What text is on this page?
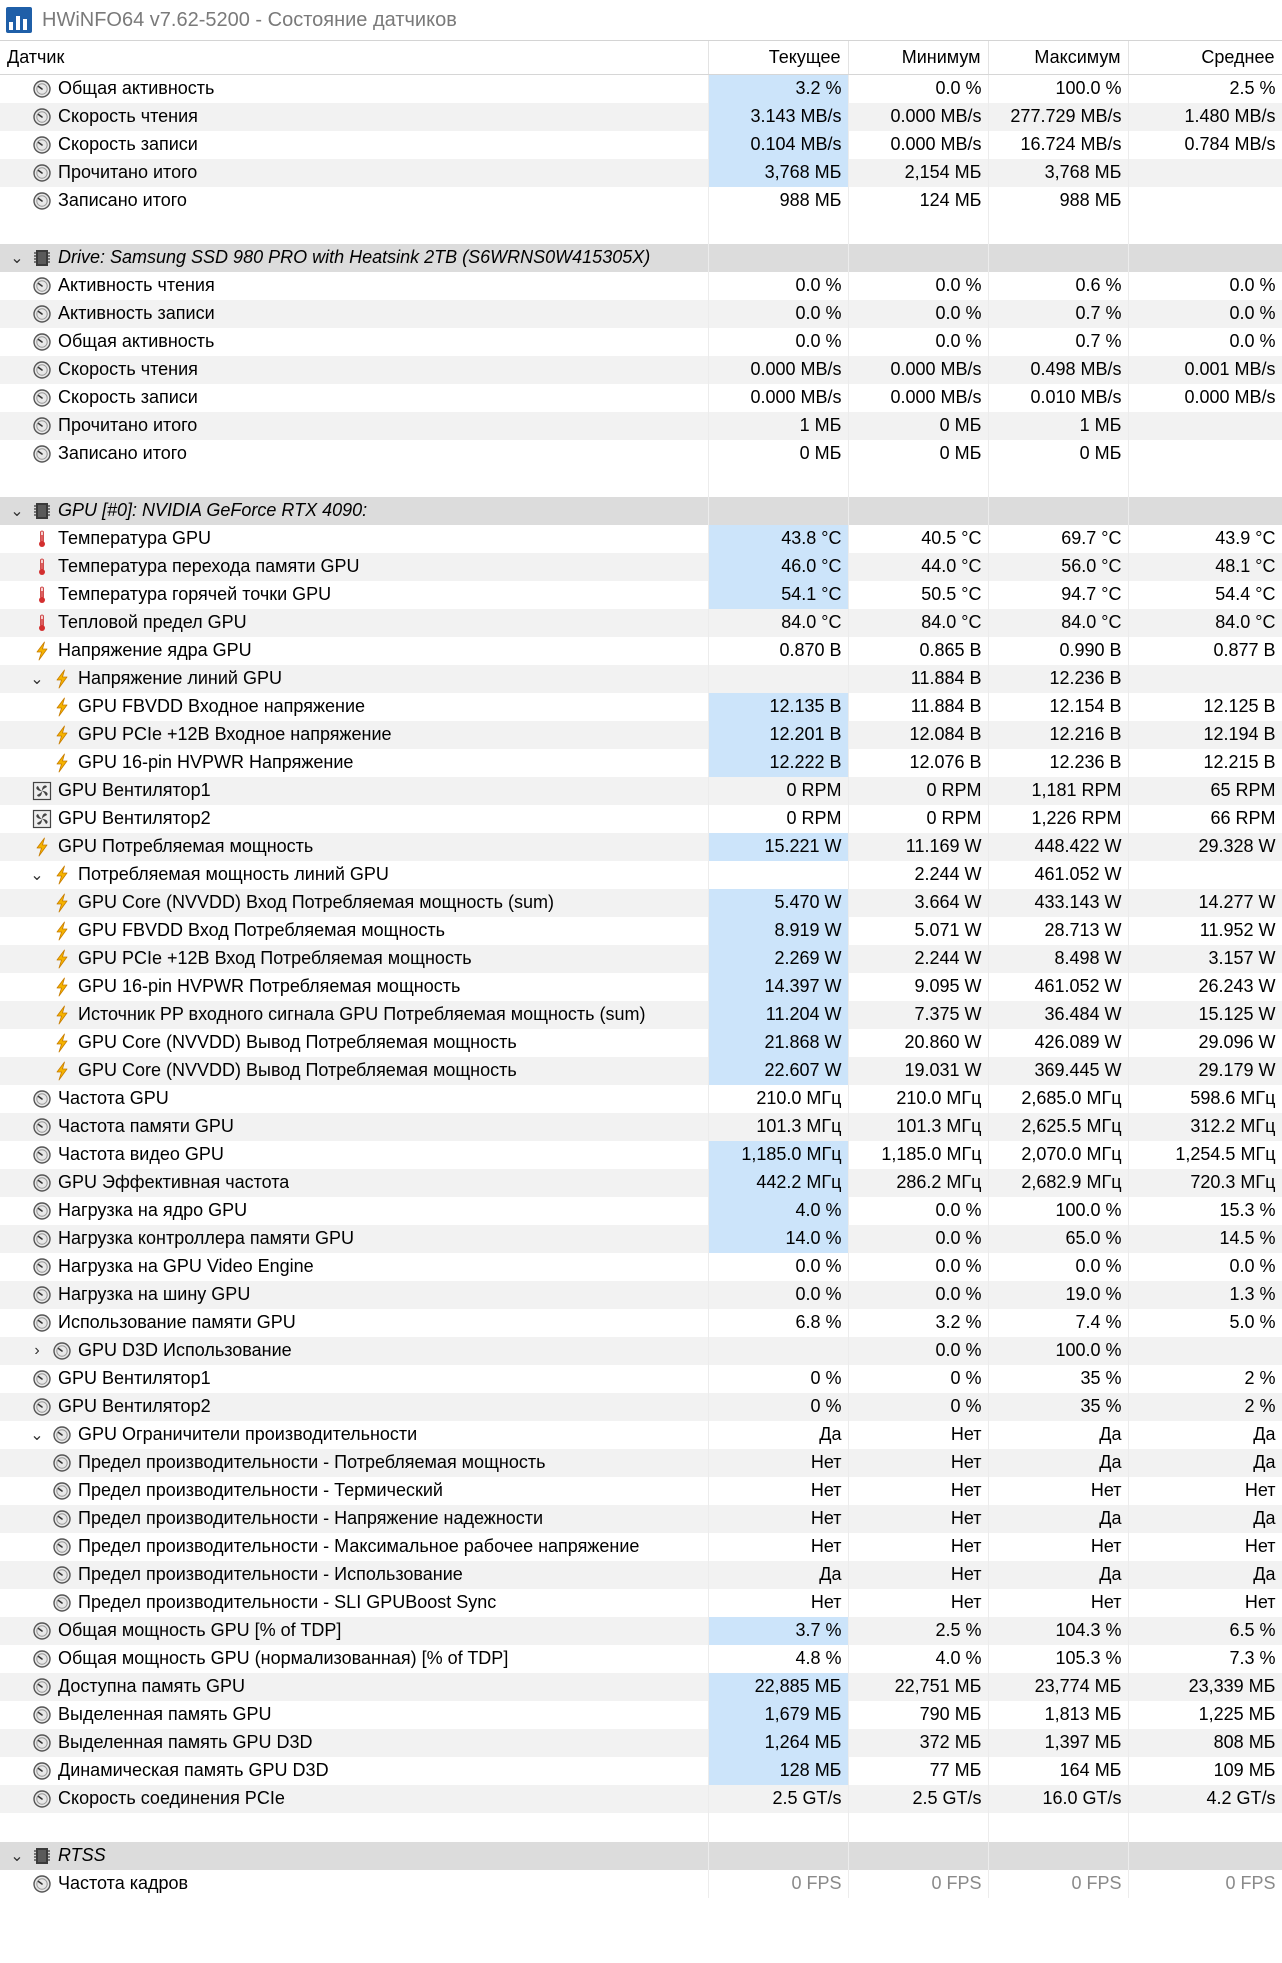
HWiNFO64 v7.62-5200 - Состояние датчиков
Датчик	Текущее	Минимум	Максимум	Среднее

Общая активность	3.2 %	0.0 %	100.0 %	2.5 %

Скорость чтения	3.143 MB/s	0.000 MB/s	277.729 MB/s	1.480 MB/s

Скорость записи	0.104 MB/s	0.000 MB/s	16.724 MB/s	0.784 MB/s

Прочитано итого	3,768 МБ	2,154 МБ	3,768 МБ	

Записано итого	988 МБ	124 МБ	988 МБ	

⌄ Drive: Samsung SSD 980 PRO with Heatsink 2TB (S6WRNS0W415305X)				

Активность чтения	0.0 %	0.0 %	0.6 %	0.0 %

Активность записи	0.0 %	0.0 %	0.7 %	0.0 %

Общая активность	0.0 %	0.0 %	0.7 %	0.0 %

Скорость чтения	0.000 MB/s	0.000 MB/s	0.498 MB/s	0.001 MB/s

Скорость записи	0.000 MB/s	0.000 MB/s	0.010 MB/s	0.000 MB/s

Прочитано итого	1 МБ	0 МБ	1 МБ	

Записано итого	0 МБ	0 МБ	0 МБ	

⌄ GPU [#0]: NVIDIA GeForce RTX 4090:				

Температура GPU	43.8 °C	40.5 °C	69.7 °C	43.9 °C

Температура перехода памяти GPU	46.0 °C	44.0 °C	56.0 °C	48.1 °C

Температура горячей точки GPU	54.1 °C	50.5 °C	94.7 °C	54.4 °C

Тепловой предел GPU	84.0 °C	84.0 °C	84.0 °C	84.0 °C

Напряжение ядра GPU	0.870 В	0.865 В	0.990 В	0.877 В

⌄ Напряжение линий GPU		11.884 В	12.236 В	

GPU FBVDD Входное напряжение	12.135 В	11.884 В	12.154 В	12.125 В

GPU PCIe +12В Входное напряжение	12.201 В	12.084 В	12.216 В	12.194 В

GPU 16-pin HVPWR Напряжение	12.222 В	12.076 В	12.236 В	12.215 В

GPU Вентилятор1	0 RPM	0 RPM	1,181 RPM	65 RPM

GPU Вентилятор2	0 RPM	0 RPM	1,226 RPM	66 RPM

GPU Потребляемая мощность	15.221 W	11.169 W	448.422 W	29.328 W

⌄ Потребляемая мощность линий GPU		2.244 W	461.052 W	

GPU Core (NVVDD) Вход Потребляемая мощность (sum)	5.470 W	3.664 W	433.143 W	14.277 W

GPU FBVDD Вход Потребляемая мощность	8.919 W	5.071 W	28.713 W	11.952 W

GPU PCIe +12В Вход Потребляемая мощность	2.269 W	2.244 W	8.498 W	3.157 W

GPU 16-pin HVPWR Потребляемая мощность	14.397 W	9.095 W	461.052 W	26.243 W

Источник PP входного сигнала GPU Потребляемая мощность (sum)	11.204 W	7.375 W	36.484 W	15.125 W

GPU Core (NVVDD) Вывод Потребляемая мощность	21.868 W	20.860 W	426.089 W	29.096 W

GPU Core (NVVDD) Вывод Потребляемая мощность	22.607 W	19.031 W	369.445 W	29.179 W

Частота GPU	210.0 МГц	210.0 МГц	2,685.0 МГц	598.6 МГц

Частота памяти GPU	101.3 МГц	101.3 МГц	2,625.5 МГц	312.2 МГц

Частота видео GPU	1,185.0 МГц	1,185.0 МГц	2,070.0 МГц	1,254.5 МГц

GPU Эффективная частота	442.2 МГц	286.2 МГц	2,682.9 МГц	720.3 МГц

Нагрузка на ядро GPU	4.0 %	0.0 %	100.0 %	15.3 %

Нагрузка контроллера памяти GPU	14.0 %	0.0 %	65.0 %	14.5 %

Нагрузка на GPU Video Engine	0.0 %	0.0 %	0.0 %	0.0 %

Нагрузка на шину GPU	0.0 %	0.0 %	19.0 %	1.3 %

Использование памяти GPU	6.8 %	3.2 %	7.4 %	5.0 %

› GPU D3D Использование		0.0 %	100.0 %	

GPU Вентилятор1	0 %	0 %	35 %	2 %

GPU Вентилятор2	0 %	0 %	35 %	2 %

⌄ GPU Ограничители производительности	Да	Нет	Да	Да

Предел производительности - Потребляемая мощность	Нет	Нет	Да	Да

Предел производительности - Термический	Нет	Нет	Нет	Нет

Предел производительности - Напряжение надежности	Нет	Нет	Да	Да

Предел производительности - Максимальное рабочее напряжение	Нет	Нет	Нет	Нет

Предел производительности - Использование	Да	Нет	Да	Да

Предел производительности - SLI GPUBoost Sync	Нет	Нет	Нет	Нет

Общая мощность GPU [% of TDP]	3.7 %	2.5 %	104.3 %	6.5 %

Общая мощность GPU (нормализованная) [% of TDP]	4.8 %	4.0 %	105.3 %	7.3 %

Доступна память GPU	22,885 МБ	22,751 МБ	23,774 МБ	23,339 МБ

Выделенная память GPU	1,679 МБ	790 МБ	1,813 МБ	1,225 МБ

Выделенная память GPU D3D	1,264 МБ	372 МБ	1,397 МБ	808 МБ

Динамическая память GPU D3D	128 МБ	77 МБ	164 МБ	109 МБ

Скорость соединения PCIe	2.5 GT/s	2.5 GT/s	16.0 GT/s	4.2 GT/s

⌄ RTSS				

Частота кадров	0 FPS	0 FPS	0 FPS	0 FPS
